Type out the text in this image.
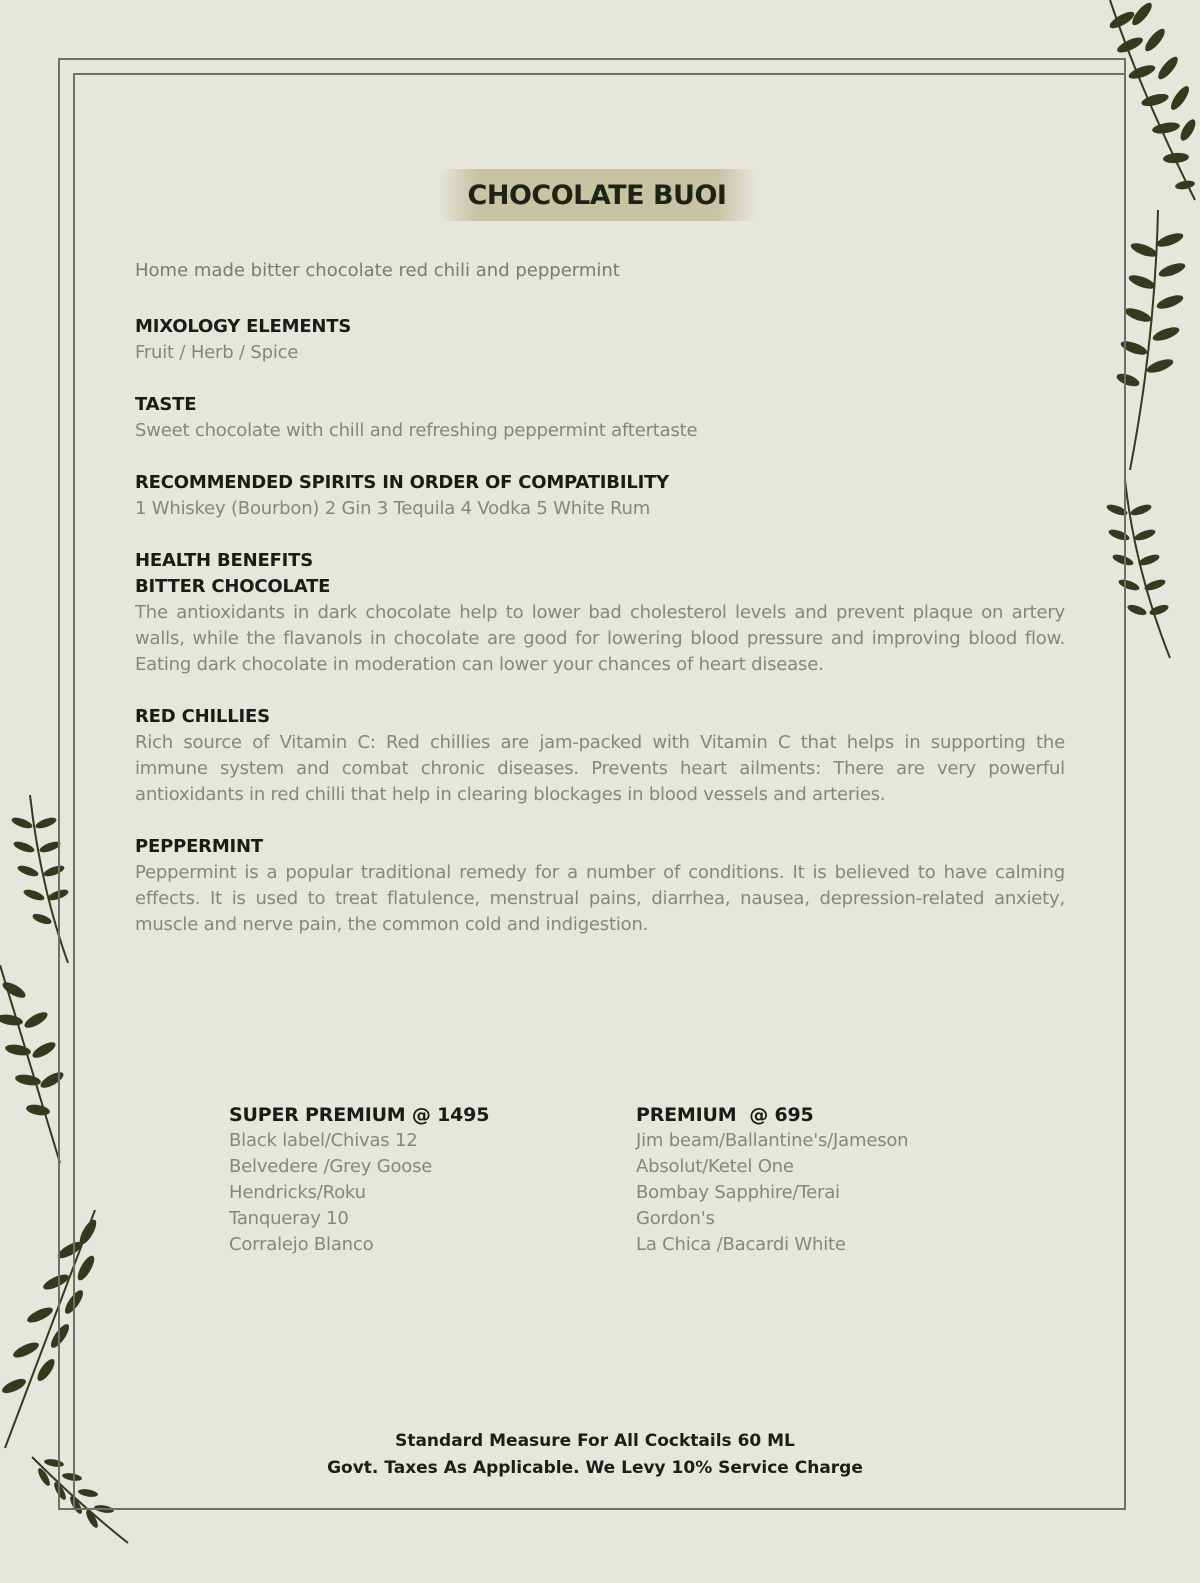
CHOCOLATE BUOI

Home made bitter chocolate red chili and peppermint

MIXOLOGY ELEMENTS
Fruit / Herb / Spice
TASTE
Sweet chocolate with chill and refreshing peppermint aftertaste
RECOMMENDED SPIRITS IN ORDER OF COMPATIBILITY
1 Whiskey (Bourbon) 2 Gin 3 Tequila 4 Vodka 5 White Rum
HEALTH BENEFITS
BITTER CHOCOLATE
The antioxidants in dark chocolate help to lower bad cholesterol levels and prevent plaque on artery walls, while the flavanols in chocolate are good for lowering blood pressure and improving blood flow. Eating dark chocolate in moderation can lower your chances of heart disease.
RED CHILLIES
Rich source of Vitamin C: Red chillies are jam-packed with Vitamin C that helps in supporting the immune system and combat chronic diseases. Prevents heart ailments: There are very powerful antioxidants in red chilli that help in clearing blockages in blood vessels and arteries.
PEPPERMINT
Peppermint is a popular traditional remedy for a number of conditions. It is believed to have calming effects. It is used to treat flatulence, menstrual pains, diarrhea, nausea, depression-related anxiety, muscle and nerve pain, the common cold and indigestion.
SUPER PREMIUM @ 1495
Black label/Chivas 12
Belvedere /Grey Goose
Hendricks/Roku
Tanqueray 10
Corralejo Blanco
PREMIUM  @ 695
Jim beam/Ballantine's/Jameson
Absolut/Ketel One
Bombay Sapphire/Terai
Gordon's
La Chica /Bacardi White
Standard Measure For All Cocktails 60 ML
Govt. Taxes As Applicable. We Levy 10% Service Charge
